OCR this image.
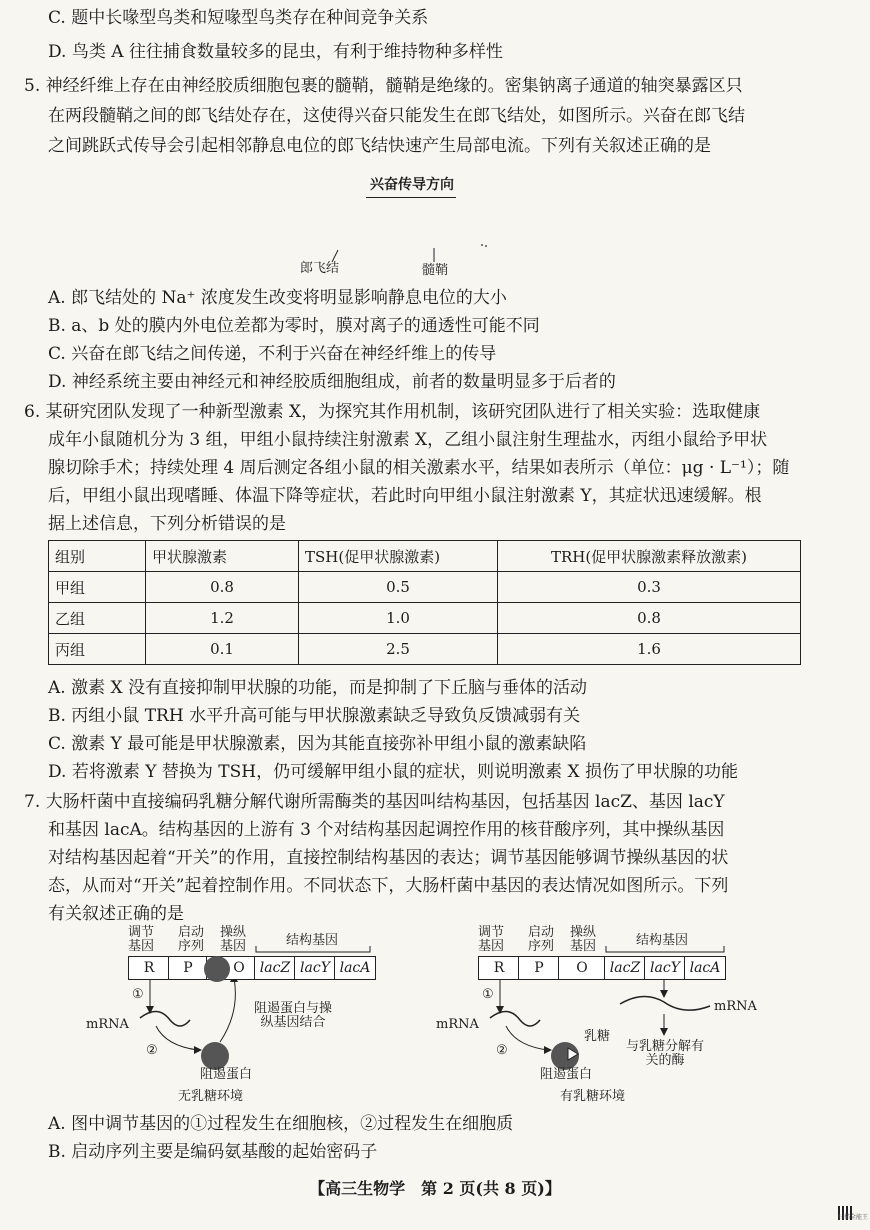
C. 题中长喙型鸟类和短喙型鸟类存在种间竞争关系
D. 鸟类 A 往往捕食数量较多的昆虫，有利于维持物种多样性
5. 神经纤维上存在由神经胶质细胞包裹的髓鞘，髓鞘是绝缘的。密集钠离子通道的轴突暴露区只
在两段髓鞘之间的郎飞结处存在，这使得兴奋只能发生在郎飞结处，如图所示。兴奋在郎飞结
之间跳跃式传导会引起相邻静息电位的郎飞结快速产生局部电流。下列有关叙述正确的是
兴奋传导方向
郎飞结	髓鞘
A. 郎飞结处的 Na⁺ 浓度发生改变将明显影响静息电位的大小
B. a、b 处的膜内外电位差都为零时，膜对离子的通透性可能不同
C. 兴奋在郎飞结之间传递，不利于兴奋在神经纤维上的传导
D. 神经系统主要由神经元和神经胶质细胞组成，前者的数量明显多于后者的
6. 某研究团队发现了一种新型激素 X，为探究其作用机制，该研究团队进行了相关实验：选取健康
成年小鼠随机分为 3 组，甲组小鼠持续注射激素 X，乙组小鼠注射生理盐水，丙组小鼠给予甲状
腺切除手术；持续处理 4 周后测定各组小鼠的相关激素水平，结果如表所示（单位：μg · L⁻¹）；随
后，甲组小鼠出现嗜睡、体温下降等症状，若此时向甲组小鼠注射激素 Y，其症状迅速缓解。根
据上述信息，下列分析错误的是
组别	甲状腺激素	TSH(促甲状腺激素)	TRH(促甲状腺激素释放激素)
甲组	0.8	0.5	0.3
乙组	1.2	1.0	0.8
丙组	0.1	2.5	1.6
A. 激素 X 没有直接抑制甲状腺的功能，而是抑制了下丘脑与垂体的活动
B. 丙组小鼠 TRH 水平升高可能与甲状腺激素缺乏导致负反馈减弱有关
C. 激素 Y 最可能是甲状腺激素，因为其能直接弥补甲组小鼠的激素缺陷
D. 若将激素 Y 替换为 TSH，仍可缓解甲组小鼠的症状，则说明激素 X 损伤了甲状腺的功能
7. 大肠杆菌中直接编码乳糖分解代谢所需酶类的基因叫结构基因，包括基因 lacZ、基因 lacY
和基因 lacA。结构基因的上游有 3 个对结构基因起调控作用的核苷酸序列，其中操纵基因
对结构基因起着“开关”的作用，直接控制结构基因的表达；调节基因能够调节操纵基因的状
态，从而对“开关”起着控制作用。不同状态下，大肠杆菌中基因的表达情况如图所示。下列
有关叙述正确的是
调节
基因
启动
序列
操纵
基因	结构基因
R	P	O	lacZ lacY lacA
①
mRNA
②
阻遏蛋白与操
纵基因结合
阻遏蛋白
无乳糖环境
调节
基因
启动
序列
操纵
基因	结构基因
R	P	O	lacZ lacY lacA
①
mRNA
②
乳糖
mRNA
与乳糖分解有
关的酶
阻遏蛋白
有乳糖环境
A. 图中调节基因的①过程发生在细胞核，②过程发生在细胞质
B. 启动序列主要是编码氨基酸的起始密码子
【高三生物学　第 2 页(共 8 页)】
扫描全能王
